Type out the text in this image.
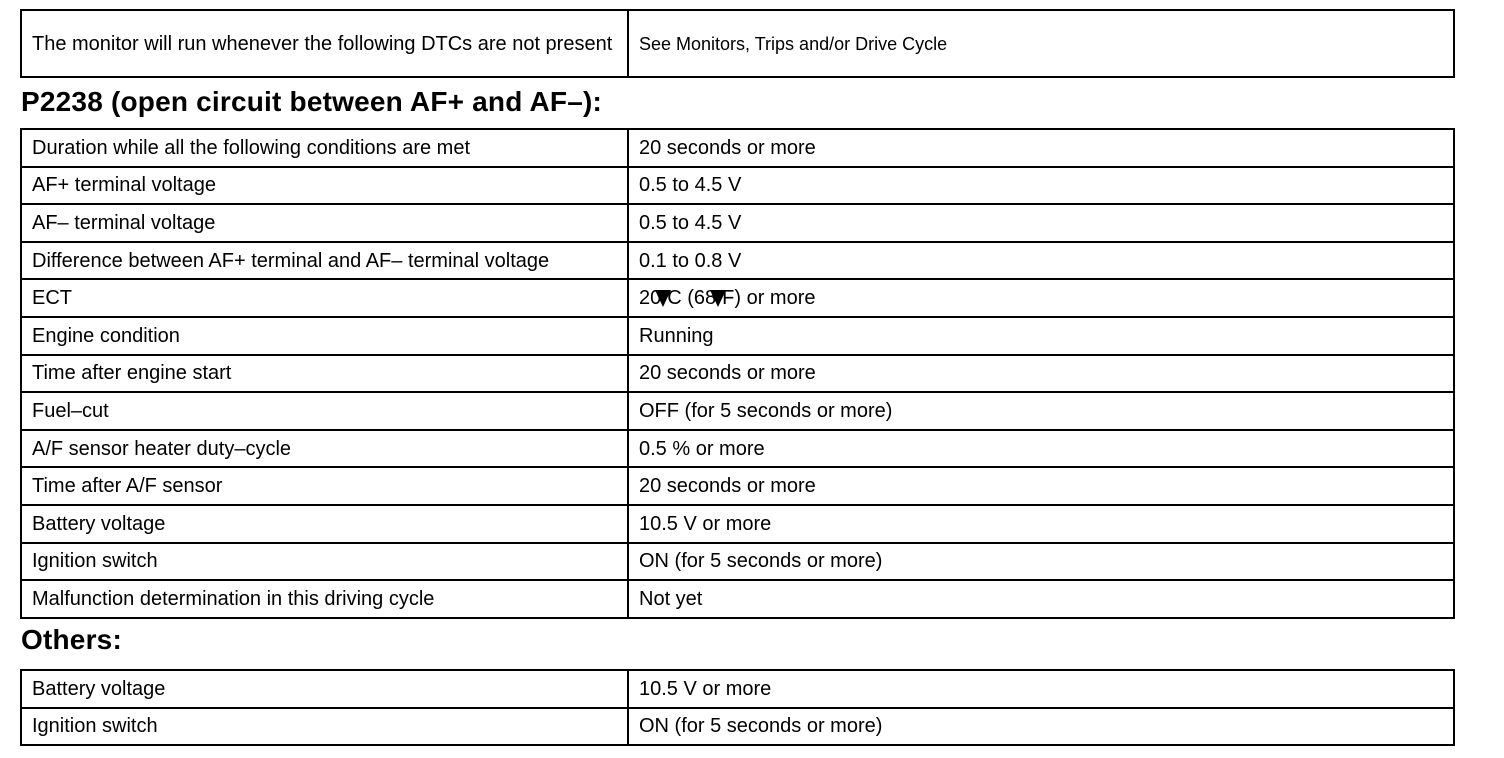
The monitor will run whenever the following DTCs are not present	See Monitors, Trips and/or Drive Cycle
P2238 (open circuit between AF+ and AF–):
Duration while all the following conditions are met	20 seconds or more
AF+ terminal voltage	0.5 to 4.5 V
AF– terminal voltage	0.5 to 4.5 V
Difference between AF+ terminal and AF– terminal voltage	0.1 to 0.8 V
ECT	20 C (68 F) or more
Engine condition	Running
Time after engine start	20 seconds or more
Fuel–cut	OFF (for 5 seconds or more)
A/F sensor heater duty–cycle	0.5 % or more
Time after A/F sensor	20 seconds or more
Battery voltage	10.5 V or more
Ignition switch	ON (for 5 seconds or more)
Malfunction determination in this driving cycle	Not yet
Others:
Battery voltage	10.5 V or more
Ignition switch	ON (for 5 seconds or more)
